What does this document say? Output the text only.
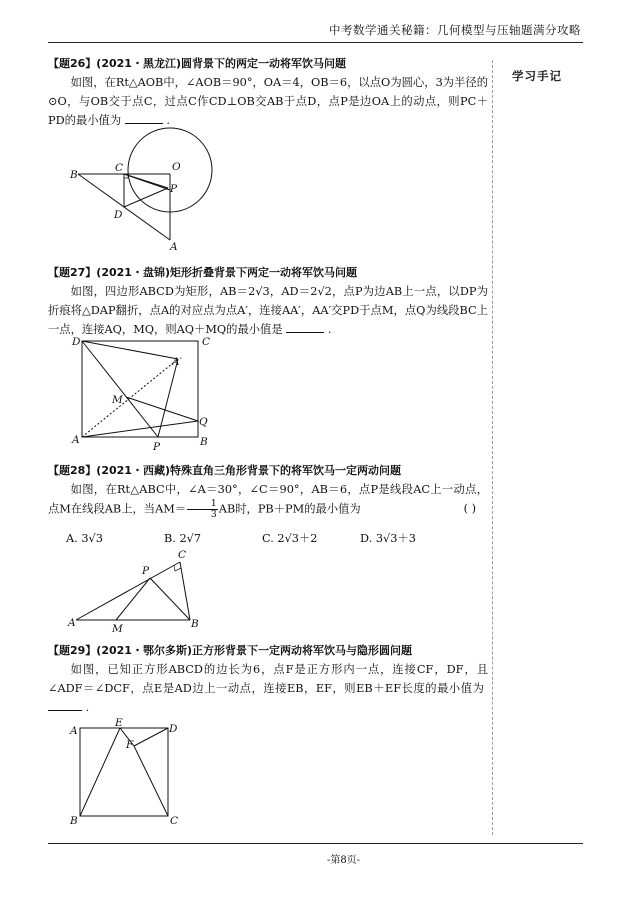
中考数学通关秘籍：几何模型与压轴题满分攻略
学习手记
【题26】(2021・黑龙江)圆背景下的两定一动将军饮马问题
如图，在Rt△AOB中，∠AOB＝90°，OA＝4，OB＝6，以点O为圆心，3为半径的⊙O，与OB交于点C，过点C作CD⊥OB交AB于点D，点P是边OA上的动点，则PC＋PD的最小值为	.
B
C	O
P
D
A
【题27】(2021・盘锦)矩形折叠背景下两定一动将军饮马问题
如图，四边形ABCD为矩形，AB＝2√3，AD＝2√2，点P为边AB上一点，以DP为折痕将△DAP翻折，点A的对应点为点A′，连接AA′，AA′交PD于点M，点Q为线段BC上一点，连接AQ，MQ，则AQ＋MQ的最小值是	.
D	C
A′
M
Q
A
P	B
【题28】(2021・西藏)特殊直角三角形背景下的将军饮马一定两动问题
如图，在Rt△ABC中，∠A＝30°，∠C＝90°，AB＝6，点P是线段AC上一动点，点M在线段AB上，当$AM= \frac{1}{3}$ AB时，PB＋PM的最小值为	( )
A. 3√3	B. 2√7	C. 2√3＋2	D. 3√3＋3
C
P
A	M	B
【题29】(2021・鄂尔多斯)正方形背景下一定两动将军饮马与隐形圆问题
如图，已知正方形ABCD的边长为6，点F是正方形内一点，连接CF，DF，且∠ADF＝∠DCF，点E是AD边上一动点，连接EB，EF，则EB＋EF长度的最小值为  .
A
E	D
F
B	C
-第8页-
